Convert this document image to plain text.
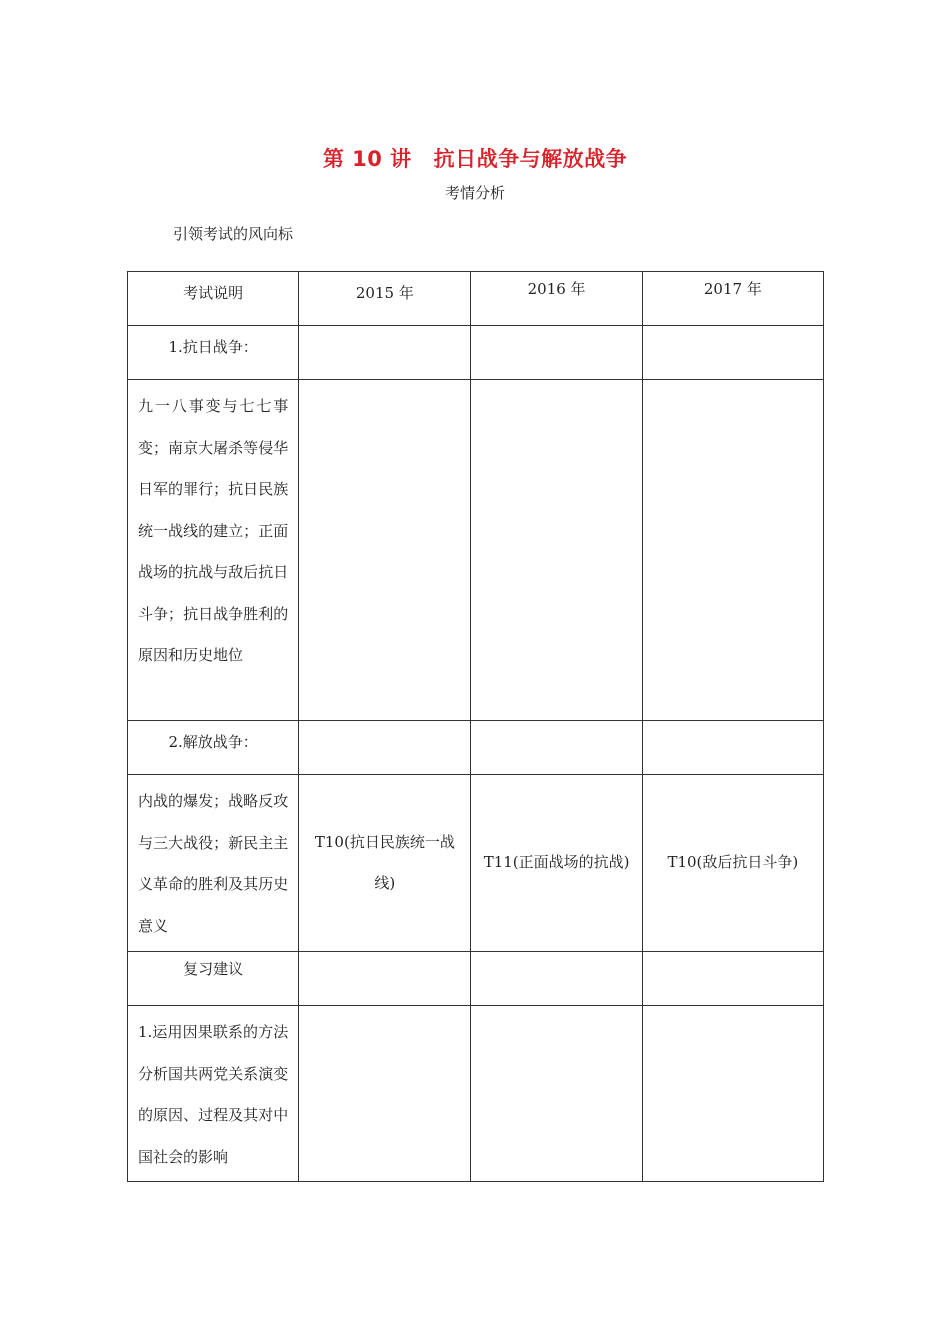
第 10 讲 抗日战争与解放战争
考情分析
引领考试的风向标
考试说明	2015 年	2016 年	2017 年
1.抗日战争：			
九一八事变与七七事变；南京大屠杀等侵华日军的罪行；抗日民族统一战线的建立；正面战场的抗战与敌后抗日斗争；抗日战争胜利的原因和历史地位			
2.解放战争：			
内战的爆发；战略反攻与三大战役；新民主主义革命的胜利及其历史意义	T10(抗日民族统一战线)	T11(正面战场的抗战)	T10(敌后抗日斗争)
复习建议			
1.运用因果联系的方法分析国共两党关系演变的原因、过程及其对中国社会的影响			
